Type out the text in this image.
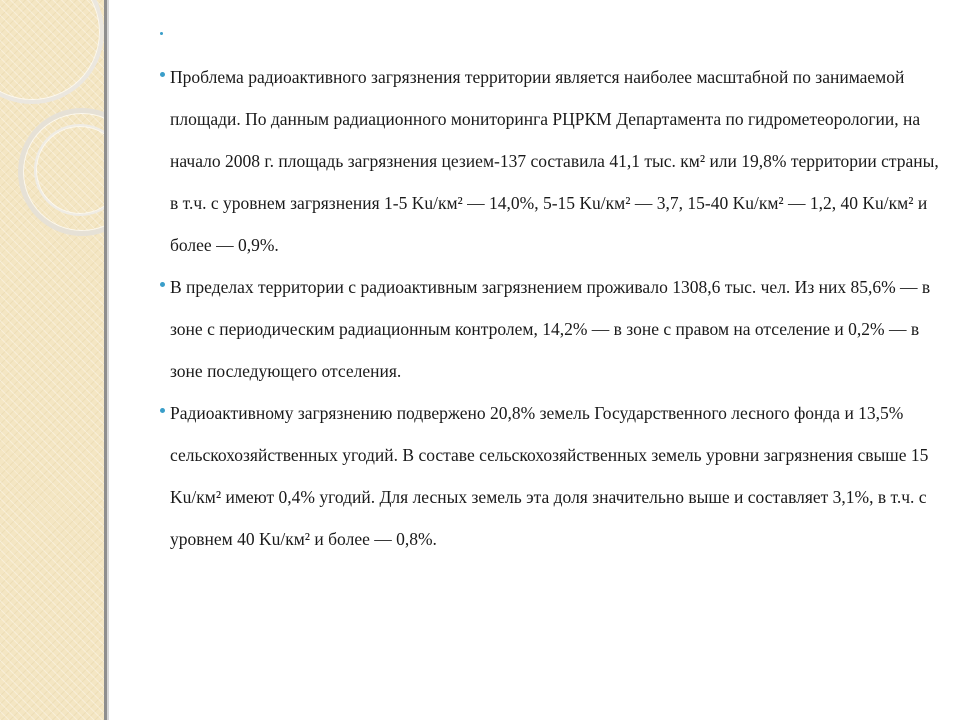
Проблема радиоактивного загрязнения территории является наиболее масштабной по занимаемой площади. По данным радиационного мониторинга РЦРКМ Департамента по гидрометеорологии, на начало 2008 г. площадь загрязнения цезием-137 составила 41,1 тыс. км² или 19,8% территории страны, в т.ч. с уровнем загрязнения 1-5 Ku/км² — 14,0%, 5-15 Ku/км² — 3,7, 15-40 Ku/км² — 1,2, 40 Ku/км² и более — 0,9%.

В пределах территории с радиоактивным загрязнением проживало 1308,6 тыс. чел. Из них 85,6% — в зоне с периодическим радиационным контролем, 14,2% — в зоне с правом на отселение и 0,2% — в зоне последующего отселения.

Радиоактивному загрязнению подвержено 20,8% земель Государственного лесного фонда и 13,5% сельскохозяйственных угодий. В составе сельскохозяйственных земель уровни загрязнения свыше 15 Ku/км² имеют 0,4% угодий. Для лесных земель эта доля значительно выше и составляет 3,1%, в т.ч. с уровнем 40 Ku/км² и более — 0,8%.
